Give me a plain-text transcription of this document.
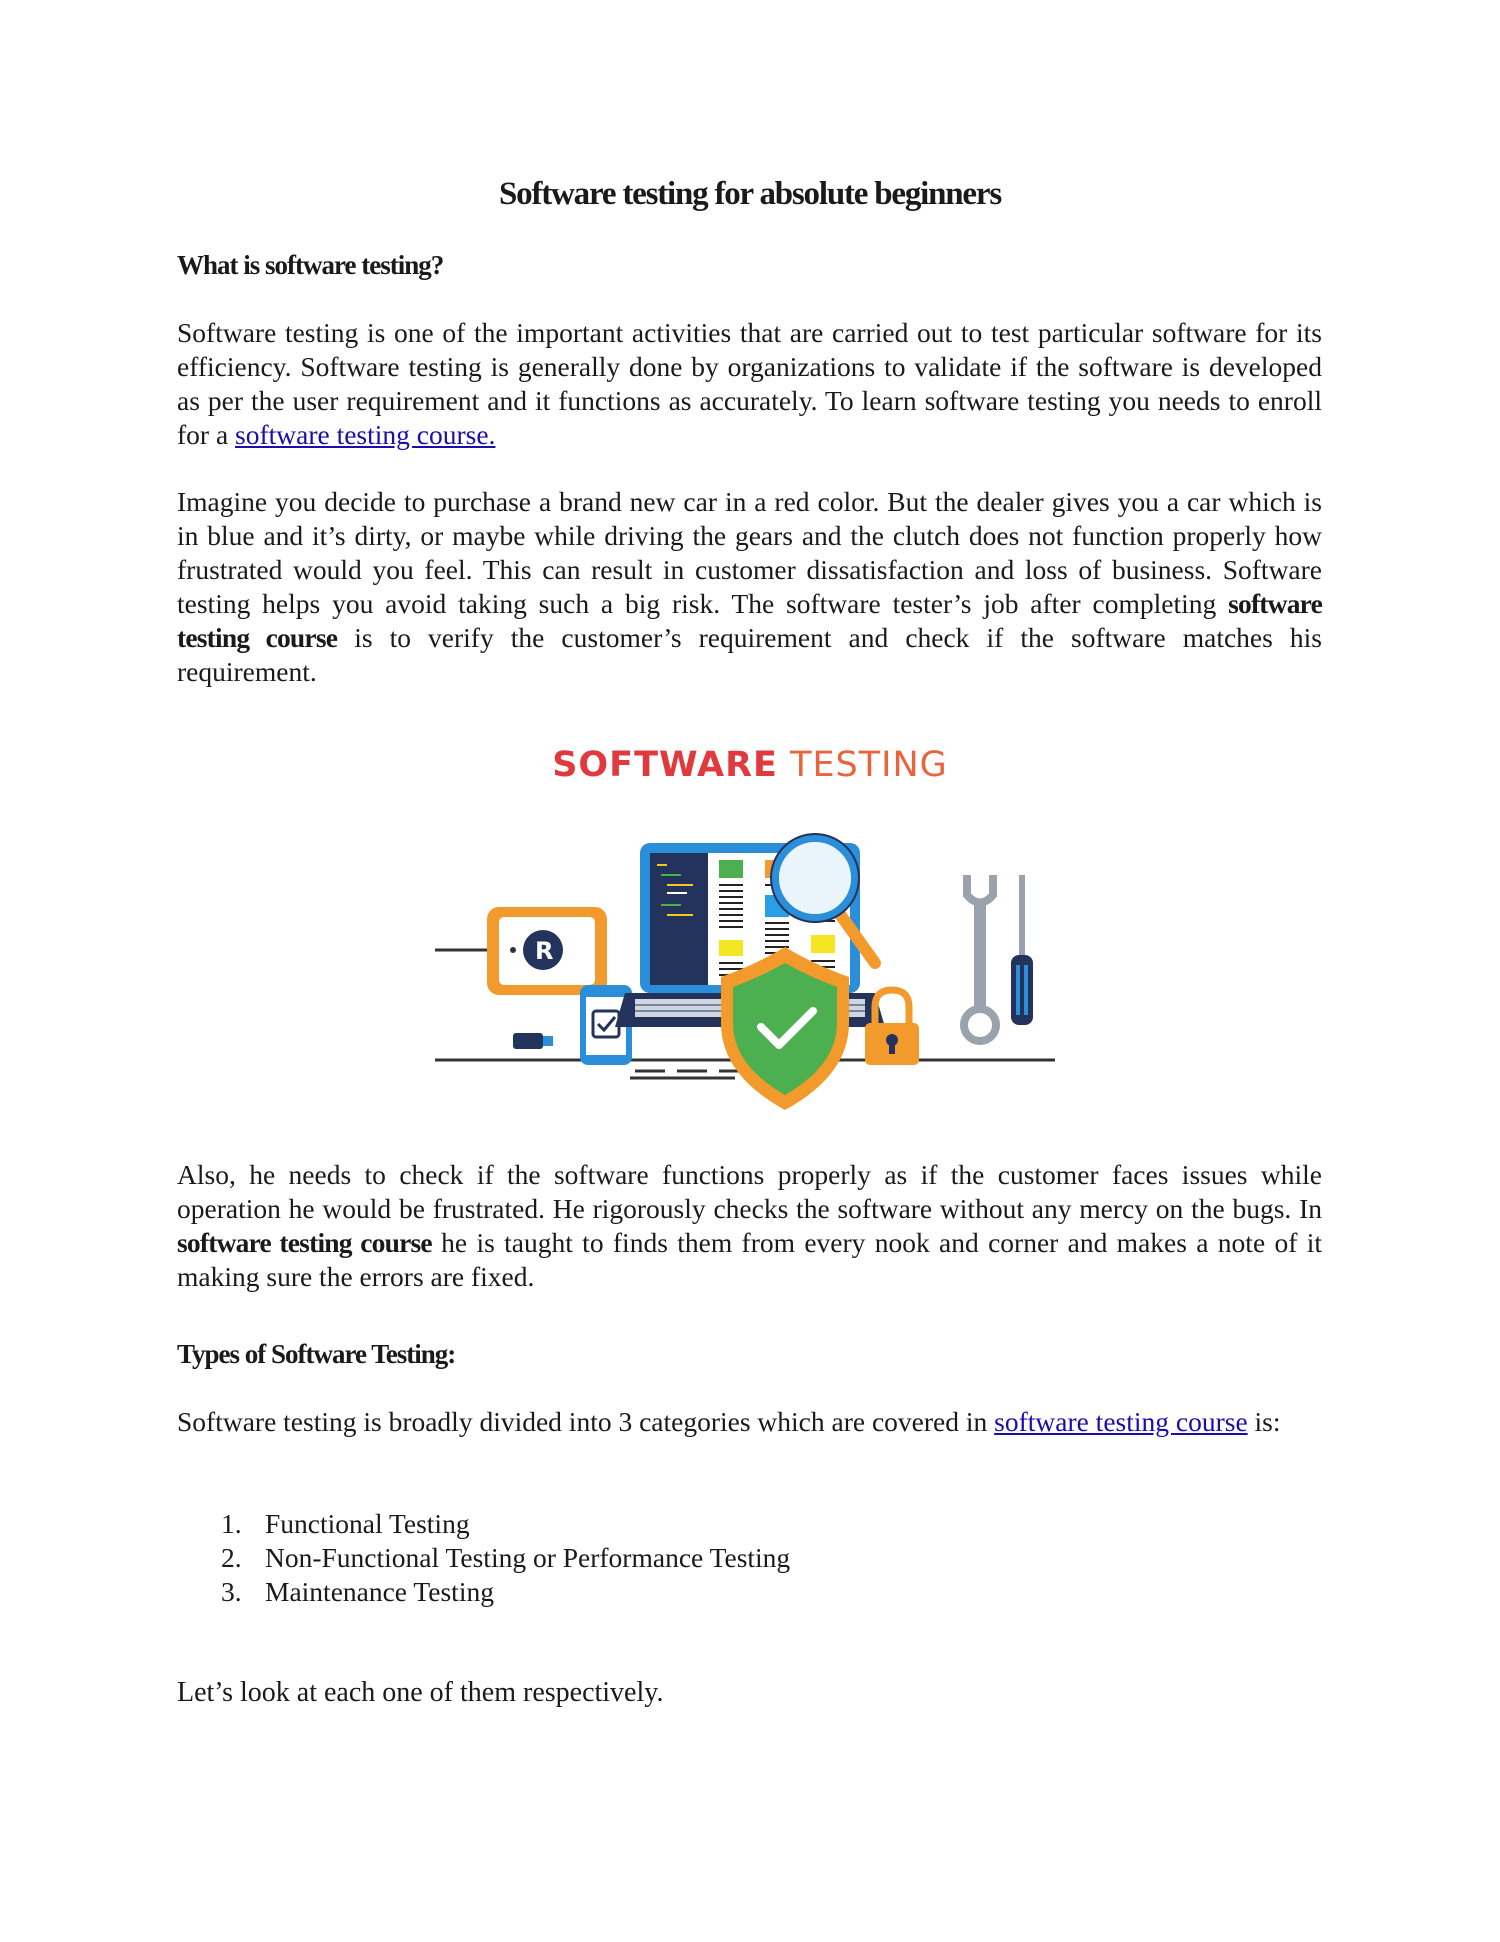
Software testing for absolute beginners
What is software testing?

Software testing is one of the important activities that are carried out to test particular software for its efficiency. Software testing is generally done by organizations to validate if the software is developed as per the user requirement and it functions as accurately. To learn software testing you needs to enroll for a software testing course.

Imagine you decide to purchase a brand new car in a red color. But the dealer gives you a car which is in blue and it’s dirty, or maybe while driving the gears and the clutch does not function properly how frustrated would you feel. This can result in customer dissatisfaction and loss of business. Software testing helps you avoid taking such a big risk. The software tester’s job after completing software testing course is to verify the customer’s requirement and check if the software matches his requirement.

SOFTWARE TESTING
R

Also, he needs to check if the software functions properly as if the customer faces issues while operation he would be frustrated. He rigorously checks the software without any mercy on the bugs. In software testing course he is taught to finds them from every nook and corner and makes a note of it making sure the errors are fixed.

Types of Software Testing:

Software testing is broadly divided into 3 categories which are covered in software testing course is:

1. Functional Testing
2. Non-Functional Testing or Performance Testing
3. Maintenance Testing

Let’s look at each one of them respectively.
